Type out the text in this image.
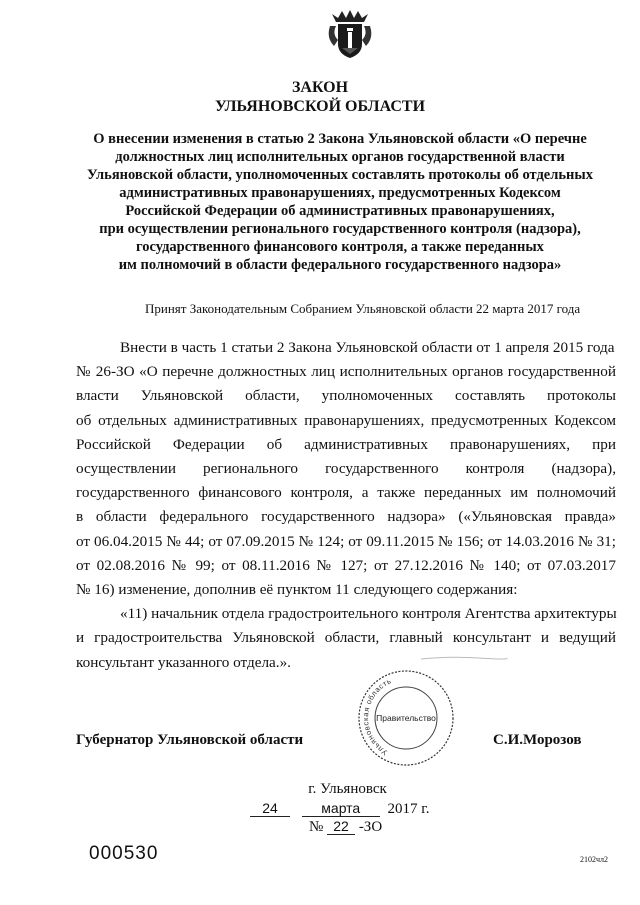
ЗАКОН
УЛЬЯНОВСКОЙ ОБЛАСТИ
О внесении изменения в статью 2 Закона Ульяновской области «О перечне
должностных лиц исполнительных органов государственной власти
Ульяновской области, уполномоченных составлять протоколы об отдельных
административных правонарушениях, предусмотренных Кодексом
Российской Федерации об административных правонарушениях,
при осуществлении регионального государственного контроля (надзора),
государственного финансового контроля, а также переданных
им полномочий в области федерального государственного надзора»
Принят Законодательным Собранием Ульяновской области 22 марта 2017 года
Внести в часть 1 статьи 2 Закона Ульяновской области от 1 апреля 2015 года
№ 26-ЗО «О перечне должностных лиц исполнительных органов государственной
власти Ульяновской области, уполномоченных составлять протоколы
об отдельных административных правонарушениях, предусмотренных Кодексом
Российской Федерации об административных правонарушениях, при
осуществлении регионального государственного контроля (надзора),
государственного финансового контроля, а также переданных им полномочий
в области федерального государственного надзора» («Ульяновская правда»
от 06.04.2015 № 44; от 07.09.2015 № 124; от 09.11.2015 № 156; от 14.03.2016 № 31;
от 02.08.2016 № 99; от 08.11.2016 № 127; от 27.12.2016 № 140; от 07.03.2017
№ 16) изменение, дополнив её пунктом 11 следующего содержания:
«11) начальник отдела градостроительного контроля Агентства архитектуры
и градостроительства Ульяновской области, главный консультант и ведущий
консультант указанного отдела.».
Ульяновская область
Правительство
Губернатор Ульяновской области	С.И.Морозов
г. Ульяновск
24	марта 2017 г.
№ 22 -ЗО
000530	2102чл2
